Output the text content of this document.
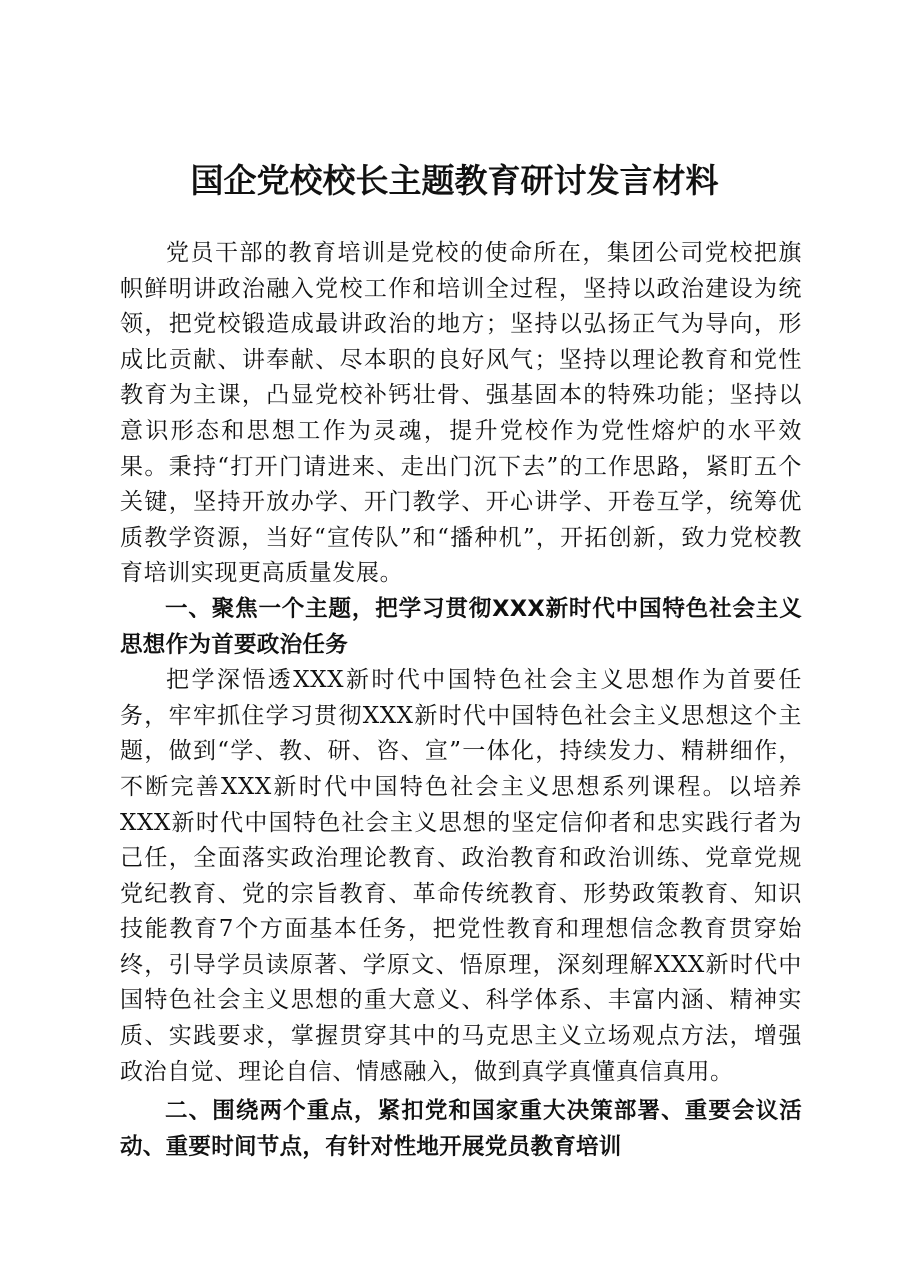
国企党校校长主题教育研讨发言材料

党员干部的教育培训是党校的使命所在，集团公司党校把旗帜鲜明讲政治融入党校工作和培训全过程，坚持以政治建设为统领，把党校锻造成最讲政治的地方；坚持以弘扬正气为导向，形成比贡献、讲奉献、尽本职的良好风气；坚持以理论教育和党性教育为主课，凸显党校补钙壮骨、强基固本的特殊功能；坚持以意识形态和思想工作为灵魂，提升党校作为党性熔炉的水平效果。秉持“打开门请进来、走出门沉下去”的工作思路，紧盯五个关键，坚持开放办学、开门教学、开心讲学、开卷互学，统筹优质教学资源，当好“宣传队”和“播种机”，开拓创新，致力党校教育培训实现更高质量发展。

一、聚焦一个主题，把学习贯彻XXX新时代中国特色社会主义思想作为首要政治任务

把学深悟透XXX新时代中国特色社会主义思想作为首要任务，牢牢抓住学习贯彻XXX新时代中国特色社会主义思想这个主题，做到“学、教、研、咨、宣”一体化，持续发力、精耕细作，不断完善XXX新时代中国特色社会主义思想系列课程。以培养XXX新时代中国特色社会主义思想的坚定信仰者和忠实践行者为己任，全面落实政治理论教育、政治教育和政治训练、党章党规党纪教育、党的宗旨教育、革命传统教育、形势政策教育、知识技能教育7个方面基本任务，把党性教育和理想信念教育贯穿始终，引导学员读原著、学原文、悟原理，深刻理解XXX新时代中国特色社会主义思想的重大意义、科学体系、丰富内涵、精神实质、实践要求，掌握贯穿其中的马克思主义立场观点方法，增强政治自觉、理论自信、情感融入，做到真学真懂真信真用。

二、围绕两个重点，紧扣党和国家重大决策部署、重要会议活动、重要时间节点，有针对性地开展党员教育培训
